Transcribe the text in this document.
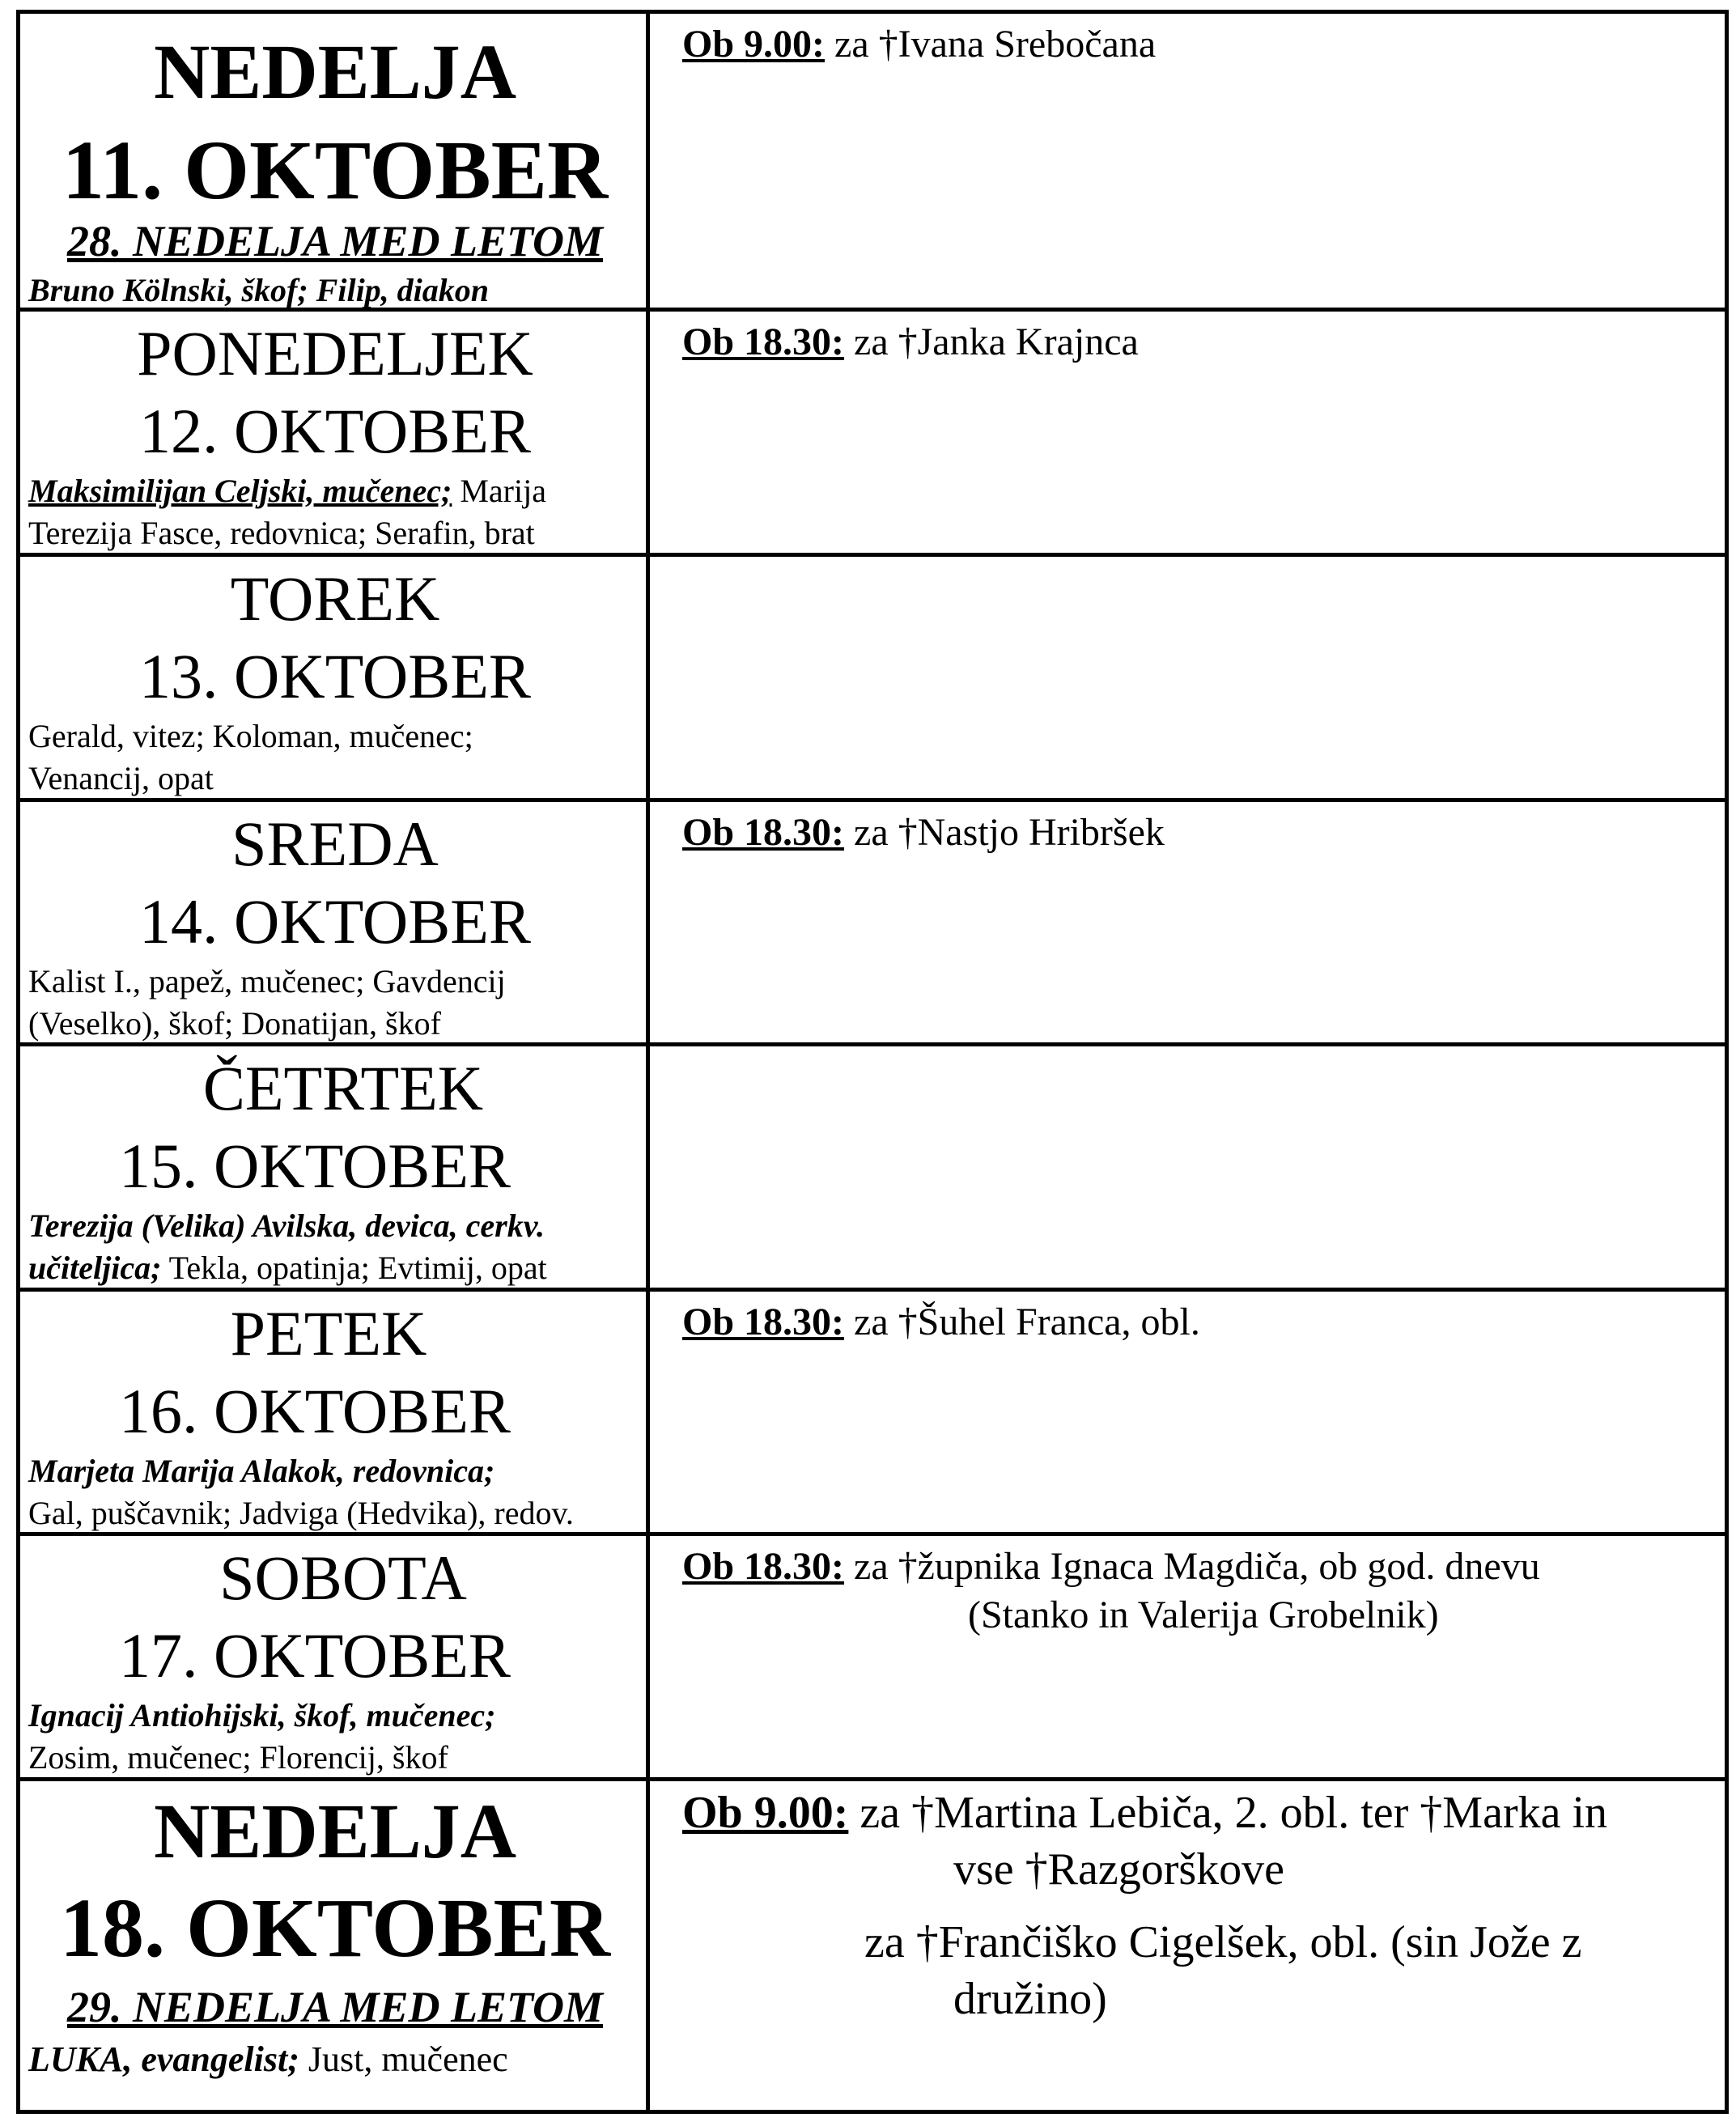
NEDELJA
11. OKTOBER
28. NEDELJA MED LETOM
Bruno Kölnski, škof; Filip, diakon
Ob 9.00: za †Ivana Srebočana
PONEDELJEK
12. OKTOBER
Maksimilijan Celjski, mučenec; Marija
Terezija Fasce, redovnica; Serafin, brat
Ob 18.30: za †Janka Krajnca
TOREK
13. OKTOBER
Gerald, vitez; Koloman, mučenec;
Venancij, opat
SREDA
14. OKTOBER
Kalist I., papež, mučenec; Gavdencij
(Veselko), škof; Donatijan, škof
Ob 18.30: za †Nastjo Hribršek
ČETRTEK
15. OKTOBER
Terezija (Velika) Avilska, devica, cerkv.
učiteljica; Tekla, opatinja; Evtimij, opat
PETEK
16. OKTOBER
Marjeta Marija Alakok, redovnica;
Gal, puščavnik; Jadviga (Hedvika), redov.
Ob 18.30: za †Šuhel Franca, obl.
SOBOTA
17. OKTOBER
Ignacij Antiohijski, škof, mučenec;
Zosim, mučenec; Florencij, škof
Ob 18.30: za †župnika Ignaca Magdiča, ob god. dnevu
(Stanko in Valerija Grobelnik)
NEDELJA
18. OKTOBER
29. NEDELJA MED LETOM
LUKA, evangelist; Just, mučenec
Ob 9.00: za †Martina Lebiča, 2. obl. ter †Marka in
vse †Razgorškove
za †Frančiško Cigelšek, obl. (sin Jože z
družino)
